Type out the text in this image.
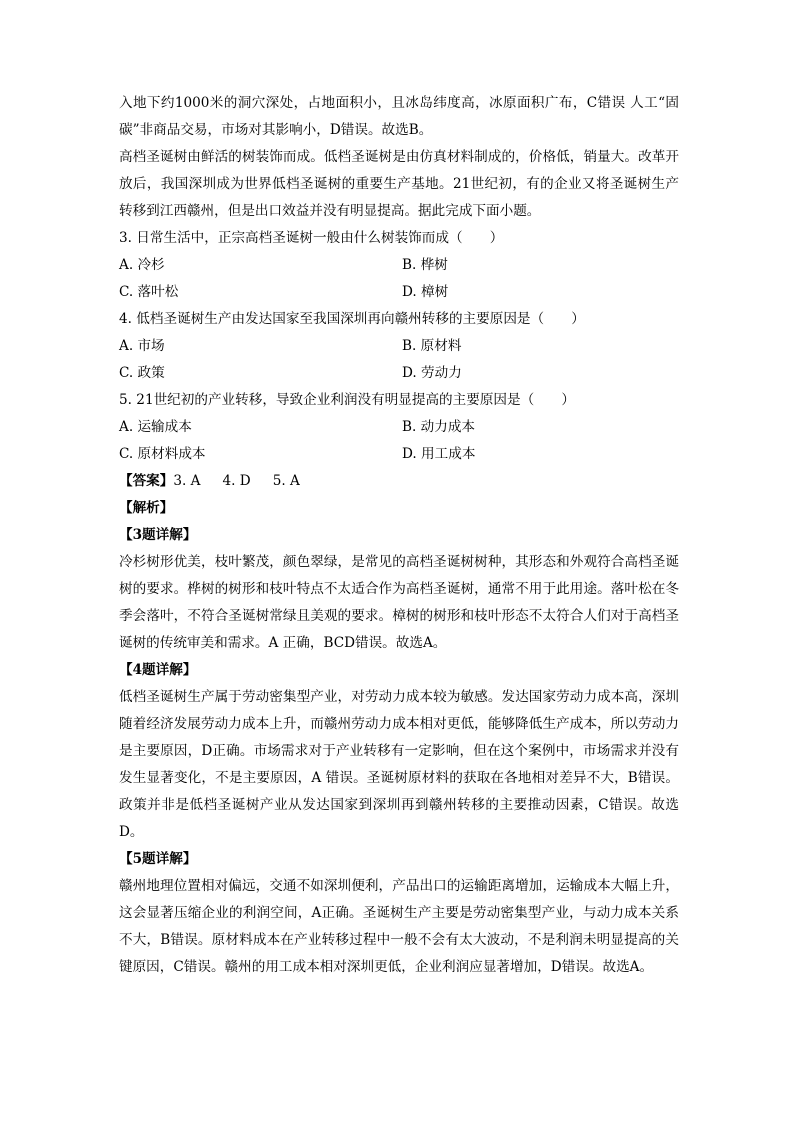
入地下约1000米的洞穴深处，占地面积小，且冰岛纬度高，冰原面积广布，C错误 人工“固碳”非商品交易，市场对其影响小，D错误。故选B。

高档圣诞树由鲜活的树装饰而成。低档圣诞树是由仿真材料制成的，价格低，销量大。改革开放后，我国深圳成为世界低档圣诞树的重要生产基地。21世纪初，有的企业又将圣诞树生产转移到江西赣州，但是出口效益并没有明显提高。据此完成下面小题。

3. 日常生活中，正宗高档圣诞树一般由什么树装饰而成（　　）

A. 冷杉	B. 桦树

C. 落叶松	D. 樟树

4. 低档圣诞树生产由发达国家至我国深圳再向赣州转移的主要原因是（　　）

A. 市场	B. 原材料

C. 政策	D. 劳动力

5. 21世纪初的产业转移，导致企业利润没有明显提高的主要原因是（　　）

A. 运输成本	B. 动力成本

C. 原材料成本	D. 用工成本

【答案】3. A 4. D 5. A

【解析】

【3题详解】

冷杉树形优美，枝叶繁茂，颜色翠绿，是常见的高档圣诞树树种，其形态和外观符合高档圣诞树的要求。桦树的树形和枝叶特点不太适合作为高档圣诞树，通常不用于此用途。落叶松在冬季会落叶，不符合圣诞树常绿且美观的要求。樟树的树形和枝叶形态不太符合人们对于高档圣诞树的传统审美和需求。A 正确，BCD错误。故选A。

【4题详解】

低档圣诞树生产属于劳动密集型产业，对劳动力成本较为敏感。发达国家劳动力成本高，深圳随着经济发展劳动力成本上升，而赣州劳动力成本相对更低，能够降低生产成本，所以劳动力是主要原因，D正确。市场需求对于产业转移有一定影响，但在这个案例中，市场需求并没有发生显著变化，不是主要原因，A 错误。圣诞树原材料的获取在各地相对差异不大，B错误。政策并非是低档圣诞树产业从发达国家到深圳再到赣州转移的主要推动因素，C错误。故选D。

【5题详解】

赣州地理位置相对偏远，交通不如深圳便利，产品出口的运输距离增加，运输成本大幅上升，这会显著压缩企业的利润空间，A正确。圣诞树生产主要是劳动密集型产业，与动力成本关系不大，B错误。原材料成本在产业转移过程中一般不会有太大波动，不是利润未明显提高的关键原因，C错误。赣州的用工成本相对深圳更低，企业利润应显著增加，D错误。故选A。
